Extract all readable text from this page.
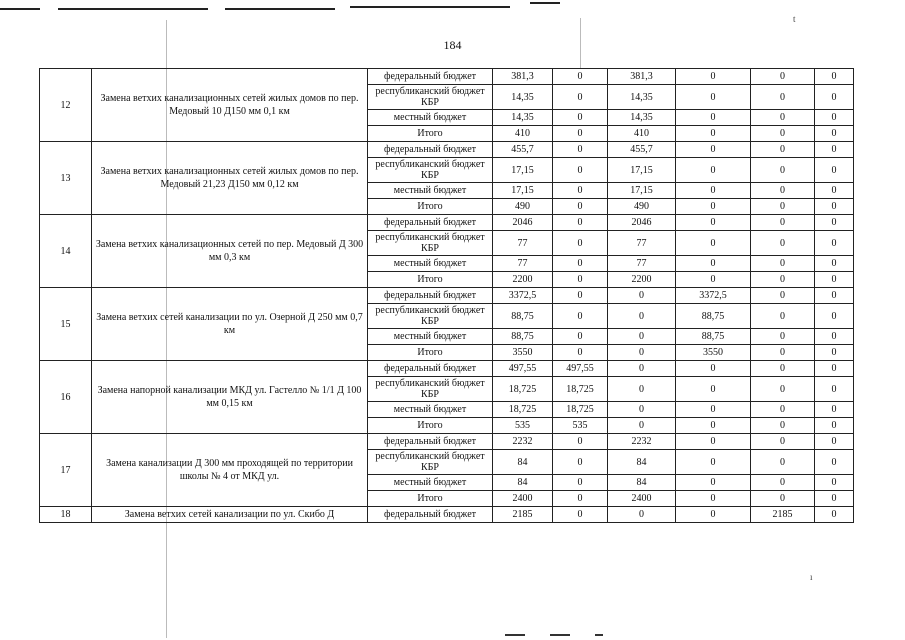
t
184
12	Замена ветхих канализационных сетей жилых домов по пер. Медовый 10 Д150 мм 0,1 км	федеральный бюджет	381,3	0	381,3	0	0	0
		республиканский бюджет КБР	14,35	0	14,35	0	0	0
		местный бюджет	14,35	0	14,35	0	0	0
		Итого	410	0	410	0	0	0
13	Замена ветхих канализационных сетей жилых домов по пер. Медовый 21,23 Д150 мм 0,12 км	федеральный бюджет	455,7	0	455,7	0	0	0
		республиканский бюджет КБР	17,15	0	17,15	0	0	0
		местный бюджет	17,15	0	17,15	0	0	0
		Итого	490	0	490	0	0	0
14	Замена ветхих канализационных сетей по пер. Медовый Д 300 мм 0,3 км	федеральный бюджет	2046	0	2046	0	0	0
		республиканский бюджет КБР	77	0	77	0	0	0
		местный бюджет	77	0	77	0	0	0
		Итого	2200	0	2200	0	0	0
15	Замена ветхих сетей канализации по ул. Озерной Д 250 мм 0,7 км	федеральный бюджет	3372,5	0	0	3372,5	0	0
		республиканский бюджет КБР	88,75	0	0	88,75	0	0
		местный бюджет	88,75	0	0	88,75	0	0
		Итого	3550	0	0	3550	0	0
16	Замена напорной канализации МКД ул. Гастелло № 1/1 Д 100 мм 0,15 км	федеральный бюджет	497,55	497,55	0	0	0	0
		республиканский бюджет КБР	18,725	18,725	0	0	0	0
		местный бюджет	18,725	18,725	0	0	0	0
		Итого	535	535	0	0	0	0
17	Замена канализации Д 300 мм проходящей по территории школы № 4 от МКД ул.	федеральный бюджет	2232	0	2232	0	0	0
		республиканский бюджет КБР	84	0	84	0	0	0
		местный бюджет	84	0	84	0	0	0
		Итого	2400	0	2400	0	0	0
18	Замена ветхих сетей канализации по ул. Скибо Д	федеральный бюджет	2185	0	0	0	2185	0
ı
